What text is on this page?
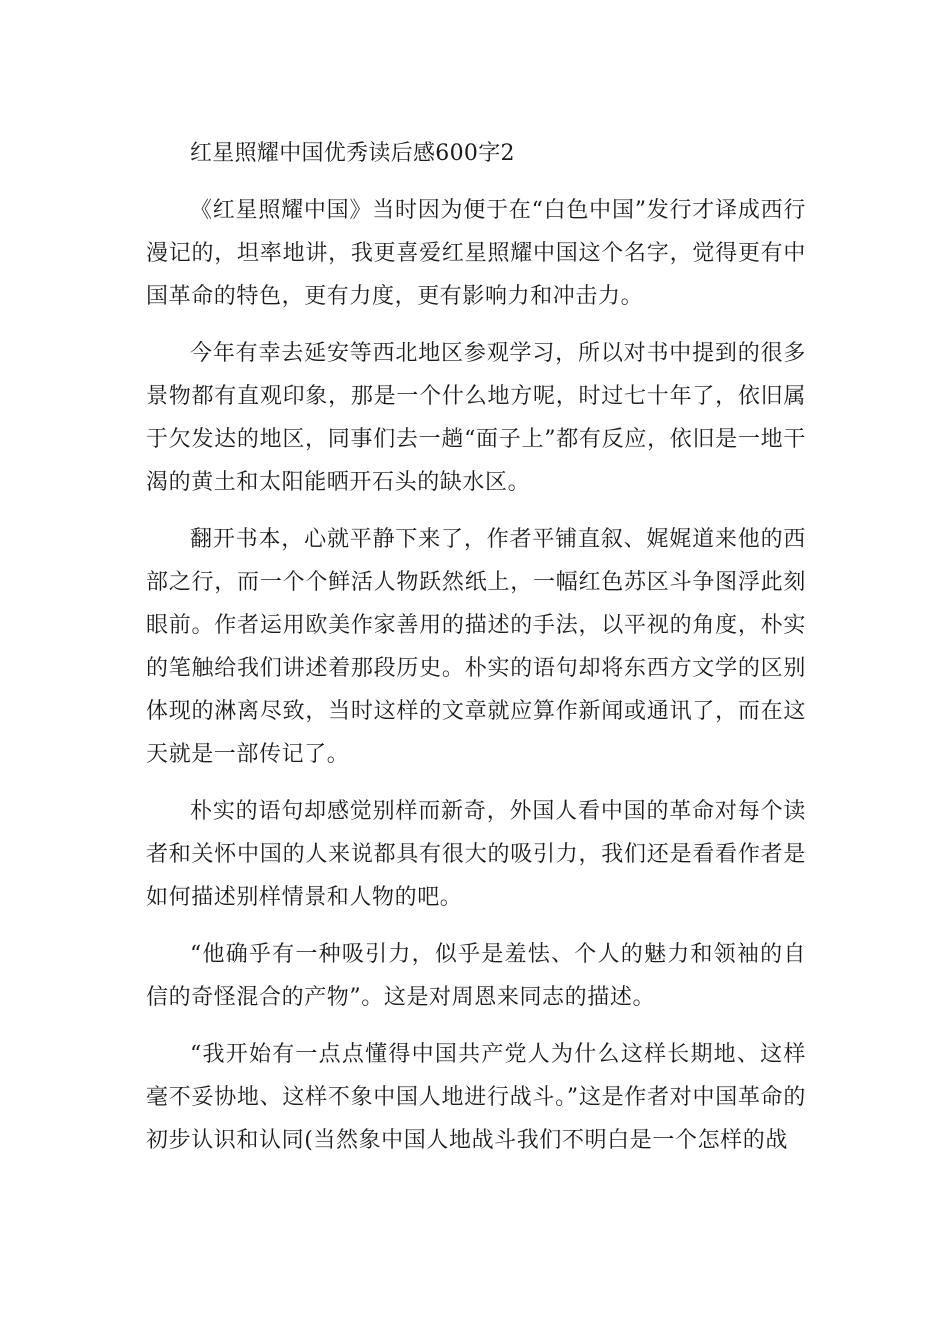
红星照耀中国优秀读后感600字2

《红星照耀中国》当时因为便于在“白色中国”发行才译成西行漫记的，坦率地讲，我更喜爱红星照耀中国这个名字，觉得更有中国革命的特色，更有力度，更有影响力和冲击力。

今年有幸去延安等西北地区参观学习，所以对书中提到的很多景物都有直观印象，那是一个什么地方呢，时过七十年了，依旧属于欠发达的地区，同事们去一趟“面子上”都有反应，依旧是一地干渴的黄土和太阳能晒开石头的缺水区。

翻开书本，心就平静下来了，作者平铺直叙、娓娓道来他的西部之行，而一个个鲜活人物跃然纸上，一幅红色苏区斗争图浮此刻眼前。作者运用欧美作家善用的描述的手法，以平视的角度，朴实的笔触给我们讲述着那段历史。朴实的语句却将东西方文学的区别体现的淋离尽致，当时这样的文章就应算作新闻或通讯了，而在这天就是一部传记了。

朴实的语句却感觉别样而新奇，外国人看中国的革命对每个读者和关怀中国的人来说都具有很大的吸引力，我们还是看看作者是如何描述别样情景和人物的吧。

“他确乎有一种吸引力，似乎是羞怯、个人的魅力和领袖的自信的奇怪混合的产物”。这是对周恩来同志的描述。

“我开始有一点点懂得中国共产党人为什么这样长期地、这样毫不妥协地、这样不象中国人地进行战斗。”这是作者对中国革命的初步认识和认同(当然象中国人地战斗我们不明白是一个怎样的战
